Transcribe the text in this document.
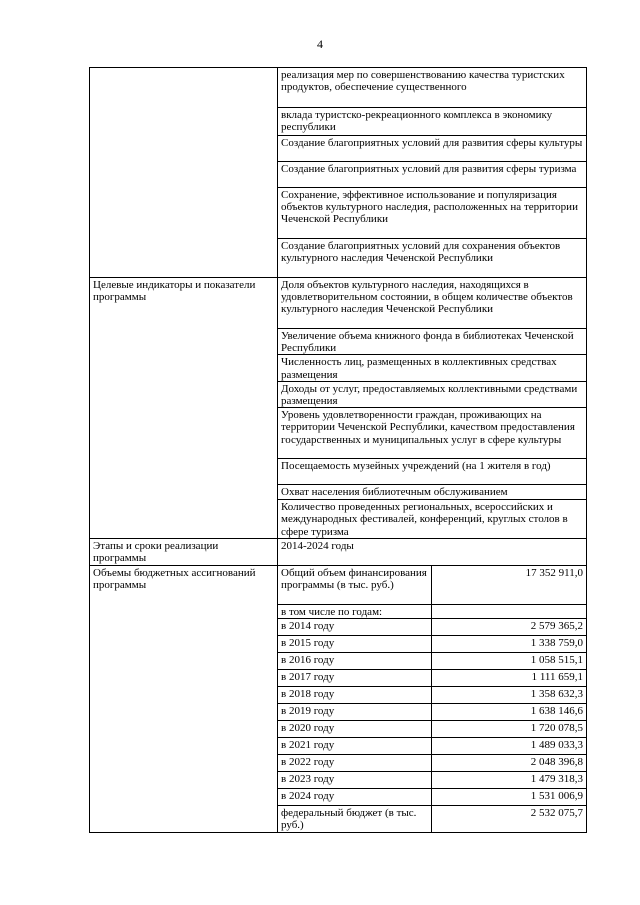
4
	реализация мер по совершенствованию качества туристских продуктов, обеспечение существенного	
	вклада туристско-рекреационного комплекса в экономику республики	
	Создание благоприятных условий для развития сферы культуры	
	Создание благоприятных условий для развития сферы туризма	
	Сохранение, эффективное использование и популяризация объектов культурного наследия, расположенных на территории Чеченской Республики	
	Создание благоприятных условий для сохранения объектов культурного наследия Чеченской Республики	
Целевые индикаторы и показатели программы	Доля объектов культурного наследия, находящихся в удовлетворительном состоянии, в общем количестве объектов культурного наследия Чеченской Республики	
	Увеличение объема книжного фонда в библиотеках Чеченской Республики	
	Численность лиц, размещенных в коллективных средствах размещения	
	Доходы от услуг, предоставляемых коллективными средствами размещения	
	Уровень удовлетворенности граждан, проживающих на территории Чеченской Республики, качеством предоставления государственных и муниципальных услуг в сфере культуры	
	Посещаемость музейных учреждений (на 1 жителя в год)	
	Охват населения библиотечным обслуживанием	
	Количество проведенных региональных, всероссийских и международных фестивалей, конференций, круглых столов в сфере туризма	
Этапы и сроки реализации программы	2014-2024 годы	
Объемы бюджетных ассигнований программы	Общий объем финансирования программы (в тыс. руб.)	17 352 911,0
	в том числе по годам:	
	в 2014 году	2 579 365,2
	в 2015 году	1 338 759,0
	в 2016 году	1 058 515,1
	в 2017 году	1 111 659,1
	в 2018 году	1 358 632,3
	в 2019 году	1 638 146,6
	в 2020 году	1 720 078,5
	в 2021 году	1 489 033,3
	в 2022 году	2 048 396,8
	в 2023 году	1 479 318,3
	в 2024 году	1 531 006,9
	федеральный бюджет (в тыс. руб.)	2 532 075,7
